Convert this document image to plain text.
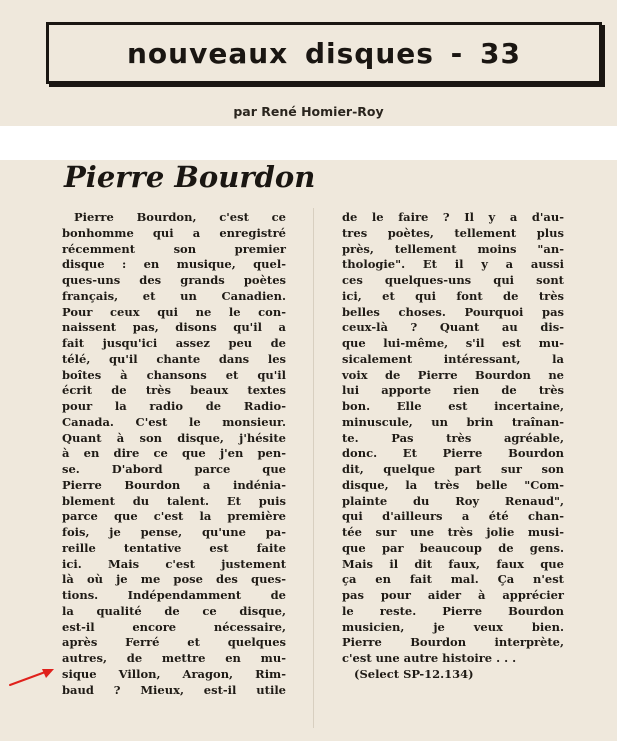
nouveaux disques - 33
par René Homier-Roy
Pierre Bourdon
Pierre Bourdon, c'est ce
bonhomme qui a enregistré
récemment son premier
disque : en musique, quel-
ques-uns des grands poètes
français, et un Canadien.
Pour ceux qui ne le con-
naissent pas, disons qu'il a
fait jusqu'ici assez peu de
télé, qu'il chante dans les
boîtes à chansons et qu'il
écrit de très beaux textes
pour la radio de Radio-
Canada. C'est le monsieur.
Quant à son disque, j'hésite
à en dire ce que j'en pen-
se. D'abord parce que
Pierre Bourdon a indénia-
blement du talent. Et puis
parce que c'est la première
fois, je pense, qu'une pa-
reille tentative est faite
ici. Mais c'est justement
là où je me pose des ques-
tions. Indépendamment de
la qualité de ce disque,
est-il encore nécessaire,
après Ferré et quelques
autres, de mettre en mu-
sique Villon, Aragon, Rim-
baud ? Mieux, est-il utile
de le faire ? Il y a d'au-
tres poètes, tellement plus
près, tellement moins "an-
thologie". Et il y a aussi
ces quelques-uns qui sont
ici, et qui font de très
belles choses. Pourquoi pas
ceux-là ? Quant au dis-
que lui-même, s'il est mu-
sicalement intéressant, la
voix de Pierre Bourdon ne
lui apporte rien de très
bon. Elle est incertaine,
minuscule, un brin traînan-
te. Pas très agréable,
donc. Et Pierre Bourdon
dit, quelque part sur son
disque, la très belle "Com-
plainte du Roy Renaud",
qui d'ailleurs a été chan-
tée sur une très jolie musi-
que par beaucoup de gens.
Mais il dit faux, faux que
ça en fait mal. Ça n'est
pas pour aider à apprécier
le reste. Pierre Bourdon
musicien, je veux bien.
Pierre Bourdon interprète,
c'est une autre histoire . . .
(Select SP-12.134)
